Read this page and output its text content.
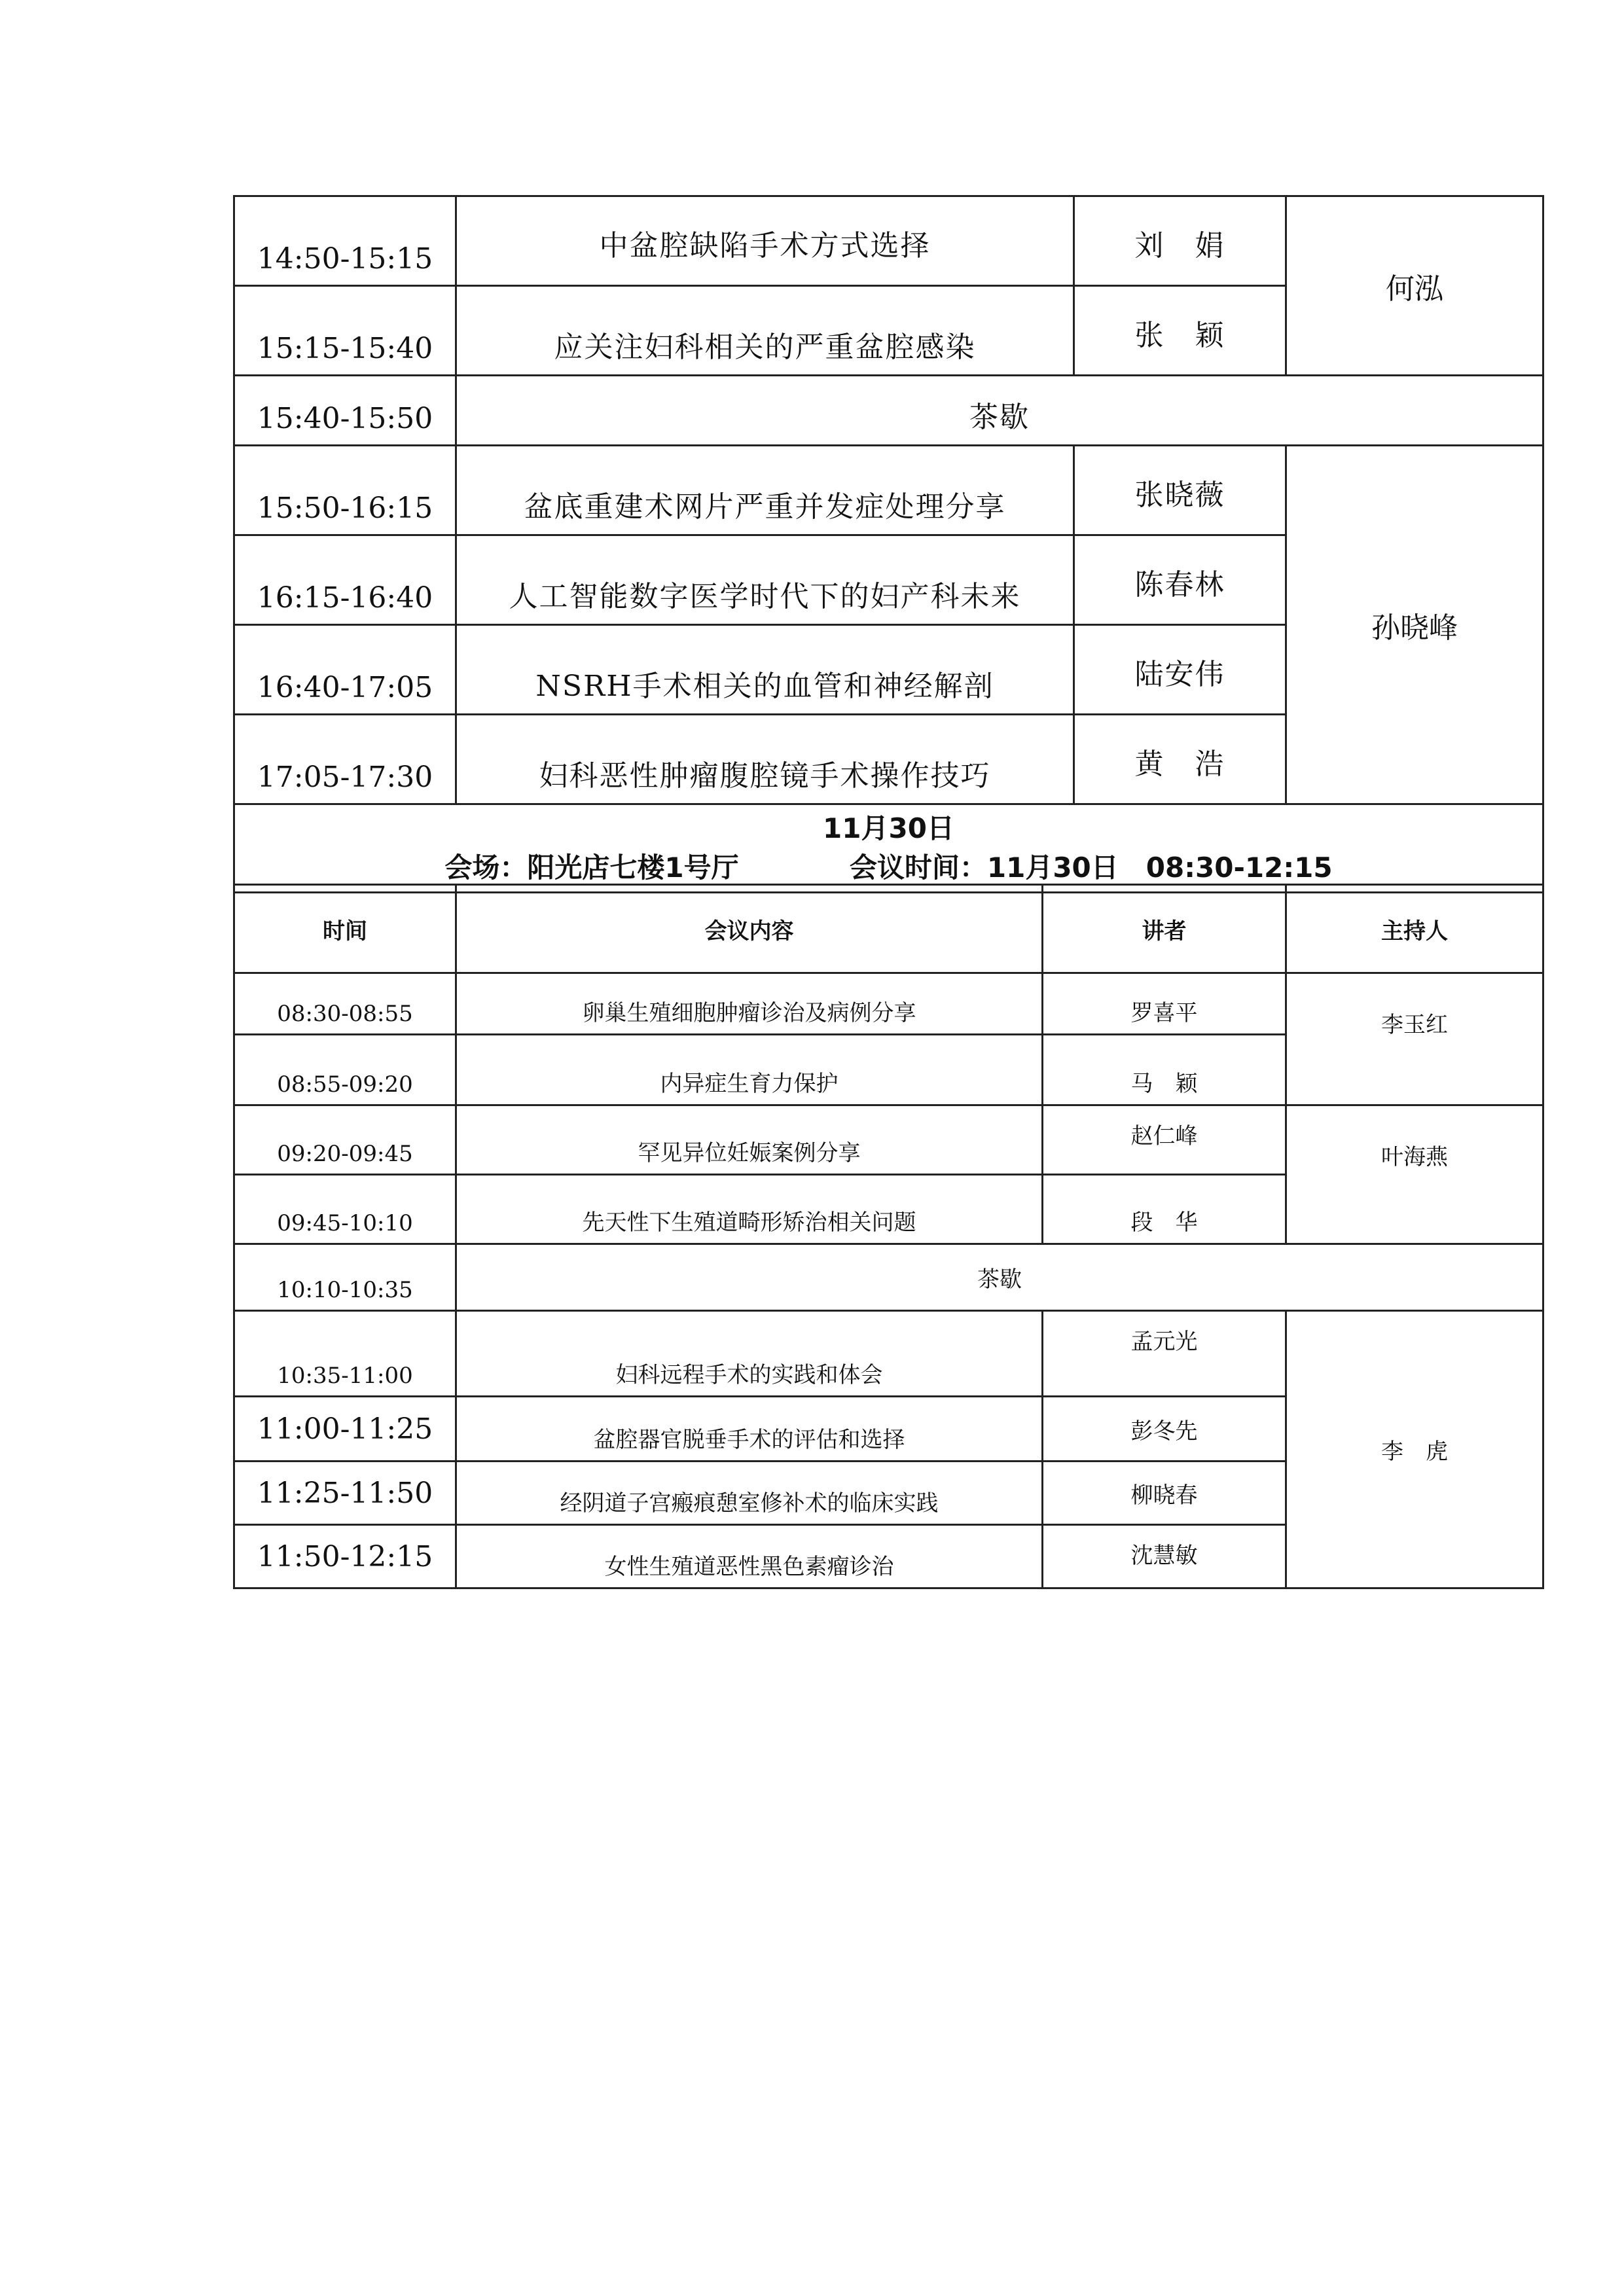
14:50-15:15	中盆腔缺陷手术方式选择	刘　娟	何泓
15:15-15:40	应关注妇科相关的严重盆腔感染	张　颖	
15:40-15:50	茶歇		
15:50-16:15	盆底重建术网片严重并发症处理分享	张晓薇	孙晓峰
16:15-16:40	人工智能数字医学时代下的妇产科未来	陈春林	
16:40-17:05	NSRH手术相关的血管和神经解剖	陆安伟	
17:05-17:30	妇科恶性肿瘤腹腔镜手术操作技巧	黄　浩	

11月30日
会场：阳光店七楼1号厅 会议时间：11月30日　08:30-12:15			
时间	会议内容	讲者	主持人
08:30-08:55	卵巢生殖细胞肿瘤诊治及病例分享	罗喜平	李玉红
08:55-09:20	内异症生育力保护	马　颖	
09:20-09:45	罕见异位妊娠案例分享	赵仁峰	叶海燕
09:45-10:10	先天性下生殖道畸形矫治相关问题	段　华	
10:10-10:35	茶歇		
10:35-11:00	妇科远程手术的实践和体会	孟元光	李　虎
11:00-11:25	盆腔器官脱垂手术的评估和选择	彭冬先	
11:25-11:50	经阴道子宫瘢痕憩室修补术的临床实践	柳晓春	
11:50-12:15	女性生殖道恶性黑色素瘤诊治	沈慧敏	
